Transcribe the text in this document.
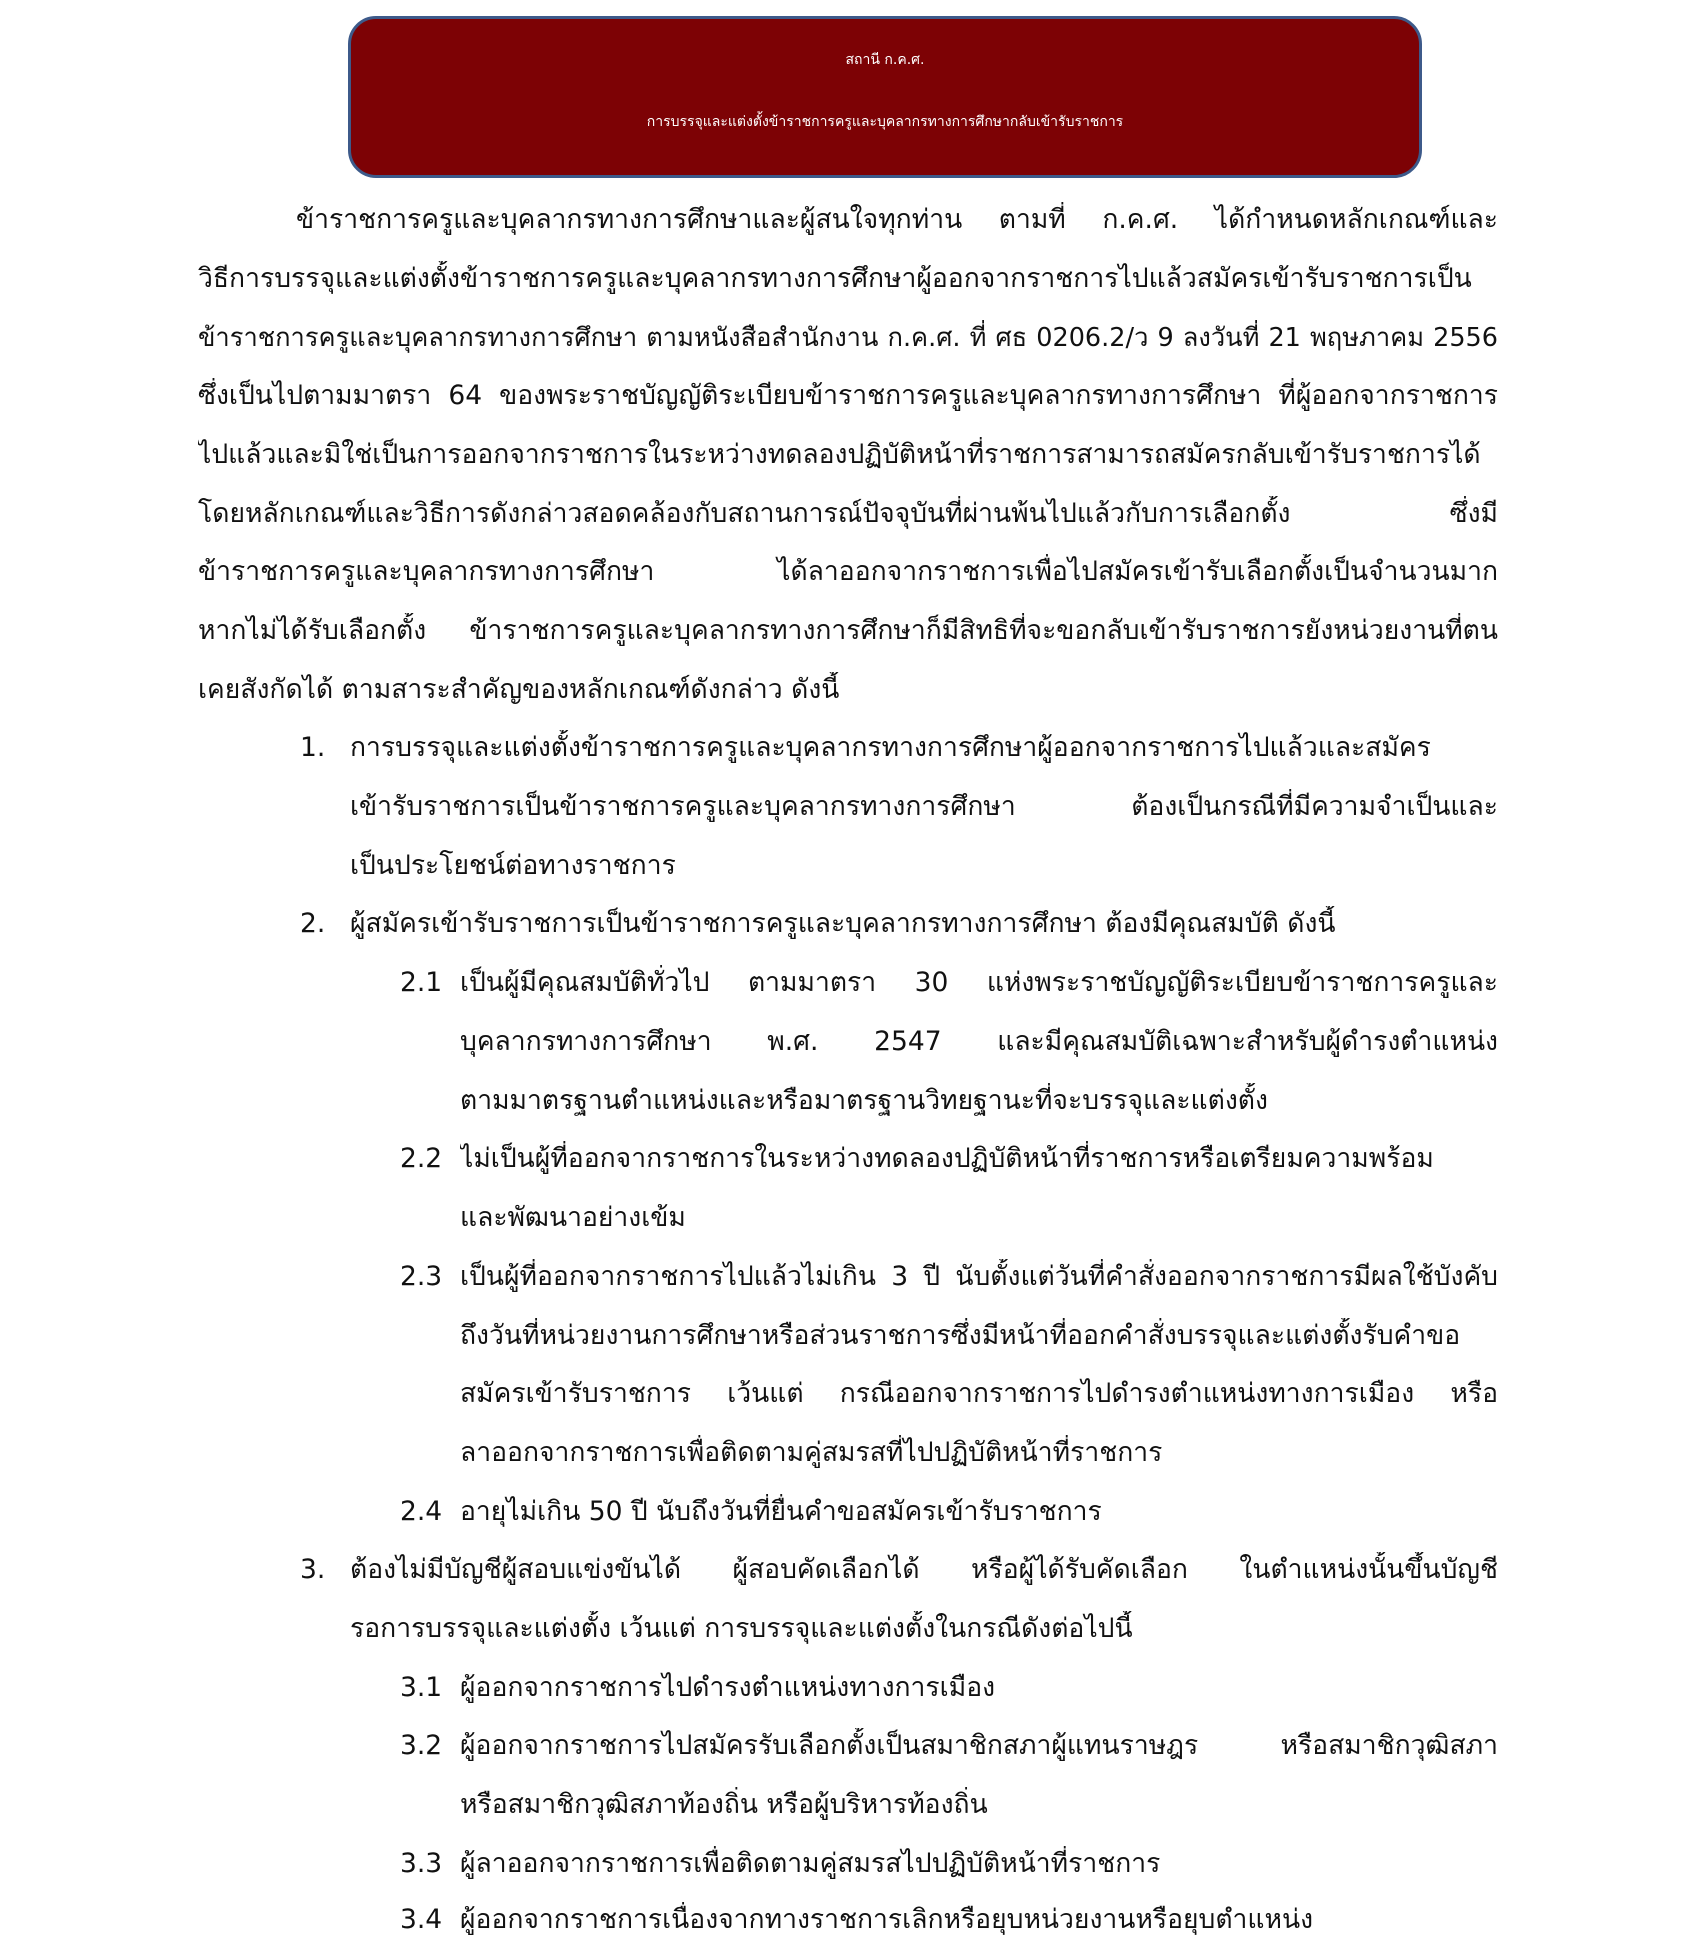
สถานี ก.ค.ศ.
การบรรจุและแต่งตั้งข้าราชการครูและบุคลากรทางการศึกษากลับเข้ารับราชการ
ข้าราชการครูและบุคลากรทางการศึกษาและผู้สนใจทุกท่าน ตามที่ ก.ค.ศ. ได้กำหนดหลักเกณฑ์และ
วิธีการบรรจุและแต่งตั้งข้าราชการครูและบุคลากรทางการศึกษาผู้ออกจากราชการไปแล้วสมัครเข้ารับราชการเป็น
ข้าราชการครูและบุคลากรทางการศึกษา ตามหนังสือสำนักงาน ก.ค.ศ. ที่ ศธ 0206.2/ว 9 ลงวันที่ 21 พฤษภาคม 2556
ซึ่งเป็นไปตามมาตรา 64 ของพระราชบัญญัติระเบียบข้าราชการครูและบุคลากรทางการศึกษา ที่ผู้ออกจากราชการ
ไปแล้วและมิใช่เป็นการออกจากราชการในระหว่างทดลองปฏิบัติหน้าที่ราชการสามารถสมัครกลับเข้ารับราชการได้
โดยหลักเกณฑ์และวิธีการดังกล่าวสอดคล้องกับสถานการณ์ปัจจุบันที่ผ่านพ้นไปแล้วกับการเลือกตั้ง ซึ่งมี
ข้าราชการครูและบุคลากรทางการศึกษา ได้ลาออกจากราชการเพื่อไปสมัครเข้ารับเลือกตั้งเป็นจำนวนมาก
หากไม่ได้รับเลือกตั้ง ข้าราชการครูและบุคลากรทางการศึกษาก็มีสิทธิที่จะขอกลับเข้ารับราชการยังหน่วยงานที่ตน
เคยสังกัดได้ ตามสาระสำคัญของหลักเกณฑ์ดังกล่าว ดังนี้
1. การบรรจุและแต่งตั้งข้าราชการครูและบุคลากรทางการศึกษาผู้ออกจากราชการไปแล้วและสมัคร
เข้ารับราชการเป็นข้าราชการครูและบุคลากรทางการศึกษา ต้องเป็นกรณีที่มีความจำเป็นและ
เป็นประโยชน์ต่อทางราชการ
2. ผู้สมัครเข้ารับราชการเป็นข้าราชการครูและบุคลากรทางการศึกษา ต้องมีคุณสมบัติ ดังนี้
2.1 เป็นผู้มีคุณสมบัติทั่วไป ตามมาตรา 30 แห่งพระราชบัญญัติระเบียบข้าราชการครูและ
บุคลากรทางการศึกษา พ.ศ. 2547 และมีคุณสมบัติเฉพาะสำหรับผู้ดำรงตำแหน่ง
ตามมาตรฐานตำแหน่งและหรือมาตรฐานวิทยฐานะที่จะบรรจุและแต่งตั้ง
2.2 ไม่เป็นผู้ที่ออกจากราชการในระหว่างทดลองปฏิบัติหน้าที่ราชการหรือเตรียมความพร้อม
และพัฒนาอย่างเข้ม
2.3 เป็นผู้ที่ออกจากราชการไปแล้วไม่เกิน 3 ปี นับตั้งแต่วันที่คำสั่งออกจากราชการมีผลใช้บังคับ
ถึงวันที่หน่วยงานการศึกษาหรือส่วนราชการซึ่งมีหน้าที่ออกคำสั่งบรรจุและแต่งตั้งรับคำขอ
สมัครเข้ารับราชการ เว้นแต่ กรณีออกจากราชการไปดำรงตำแหน่งทางการเมือง หรือ
ลาออกจากราชการเพื่อติดตามคู่สมรสที่ไปปฏิบัติหน้าที่ราชการ
2.4 อายุไม่เกิน 50 ปี นับถึงวันที่ยื่นคำขอสมัครเข้ารับราชการ
3. ต้องไม่มีบัญชีผู้สอบแข่งขันได้ ผู้สอบคัดเลือกได้ หรือผู้ได้รับคัดเลือก ในตำแหน่งนั้นขึ้นบัญชี
รอการบรรจุและแต่งตั้ง เว้นแต่ การบรรจุและแต่งตั้งในกรณีดังต่อไปนี้
3.1 ผู้ออกจากราชการไปดำรงตำแหน่งทางการเมือง
3.2 ผู้ออกจากราชการไปสมัครรับเลือกตั้งเป็นสมาชิกสภาผู้แทนราษฎร หรือสมาชิกวุฒิสภา
หรือสมาชิกวุฒิสภาท้องถิ่น หรือผู้บริหารท้องถิ่น
3.3 ผู้ลาออกจากราชการเพื่อติดตามคู่สมรสไปปฏิบัติหน้าที่ราชการ
3.4 ผู้ออกจากราชการเนื่องจากทางราชการเลิกหรือยุบหน่วยงานหรือยุบตำแหน่ง
